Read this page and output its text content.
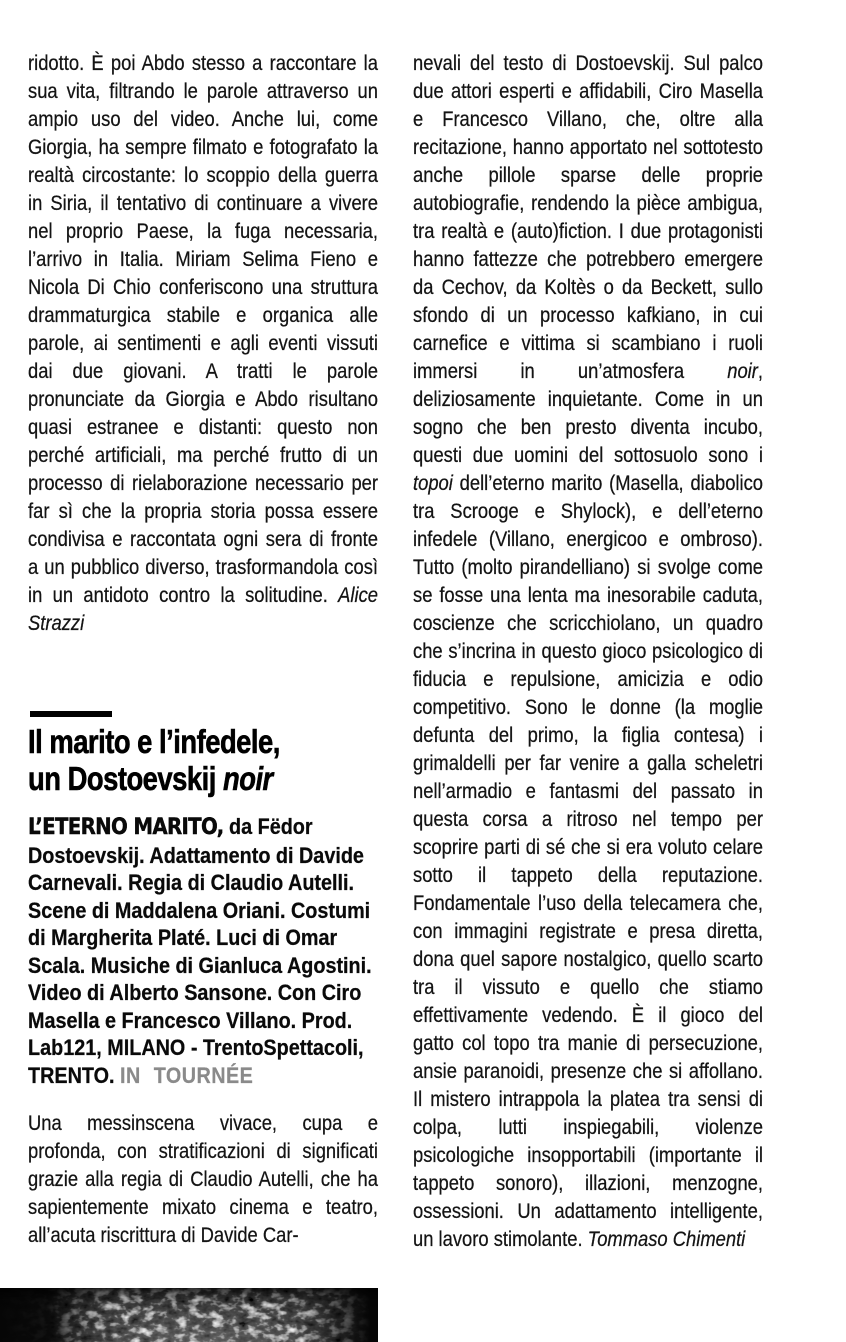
ridotto. È poi Abdo stesso a raccontare la sua vita, filtrando le parole attraverso un ampio uso del video. Anche lui, come Giorgia, ha sempre filmato e fotografato la realtà circostante: lo scoppio della guerra in Siria, il tentativo di continuare a vivere nel proprio Paese, la fuga necessaria, l’arrivo in Italia. Miriam Selima Fieno e Nicola Di Chio conferiscono una struttura drammaturgica stabile e organica alle parole, ai sentimenti e agli eventi vissuti dai due giovani. A tratti le parole pronunciate da Giorgia e Abdo risultano quasi estranee e distanti: questo non perché artificiali, ma perché frutto di un processo di rielaborazione necessario per far sì che la propria storia possa essere condivisa e raccontata ogni sera di fronte a un pubblico diverso, trasformandola così in un antidoto contro la solitudine. Alice Strazzi

Il marito e l’infedele,
un Dostoevskij noir
L’ETERNO MARITO, da Fëdor
Dostoevskij. Adattamento di Davide
Carnevali. Regia di Claudio Autelli.
Scene di Maddalena Oriani. Costumi
di Margherita Platé. Luci di Omar
Scala. Musiche di Gianluca Agostini.
Video di Alberto Sansone. Con Ciro
Masella e Francesco Villano. Prod.
Lab121, MILANO - TrentoSpettacoli,
TRENTO. IN TOURNÉE

Una messinscena vivace, cupa e profonda, con stratificazioni di significati grazie alla regia di Claudio Autelli, che ha sapientemente mixato cinema e teatro, all’acuta riscrittura di Davide Car-

nevali del testo di Dostoevskij. Sul palco due attori esperti e affidabili, Ciro Masella e Francesco Villano, che, oltre alla recitazione, hanno apportato nel sottotesto anche pillole sparse delle proprie autobiografie, rendendo la pièce ambigua, tra realtà e (auto)fiction. I due protagonisti hanno fattezze che potrebbero emergere da Cechov, da Koltès o da Beckett, sullo sfondo di un processo kafkiano, in cui carnefice e vittima si scambiano i ruoli immersi in un’atmosfera noir, deliziosamente inquietante. Come in un sogno che ben presto diventa incubo, questi due uomini del sottosuolo sono i topoi dell’eterno marito (Masella, diabolico tra Scrooge e Shylock), e dell’eterno infedele (Villano, energicoo e ombroso). Tutto (molto pirandelliano) si svolge come se fosse una lenta ma inesorabile caduta, coscienze che scricchiolano, un quadro che s’incrina in questo gioco psicologico di fiducia e repulsione, amicizia e odio competitivo. Sono le donne (la moglie defunta del primo, la figlia contesa) i grimaldelli per far venire a galla scheletri nell’armadio e fantasmi del passato in questa corsa a ritroso nel tempo per scoprire parti di sé che si era voluto celare sotto il tappeto della reputazione. Fondamentale l’uso della telecamera che, con immagini registrate e presa diretta, dona quel sapore nostalgico, quello scarto tra il vissuto e quello che stiamo effettivamente vedendo. È il gioco del gatto col topo tra manie di persecuzione, ansie paranoidi, presenze che si affollano. Il mistero intrappola la platea tra sensi di colpa, lutti inspiegabili, violenze psicologiche insopportabili (importante il tappeto sonoro), illazioni, menzogne, ossessioni. Un adattamento intelligente, un lavoro stimolante. Tommaso Chimenti
